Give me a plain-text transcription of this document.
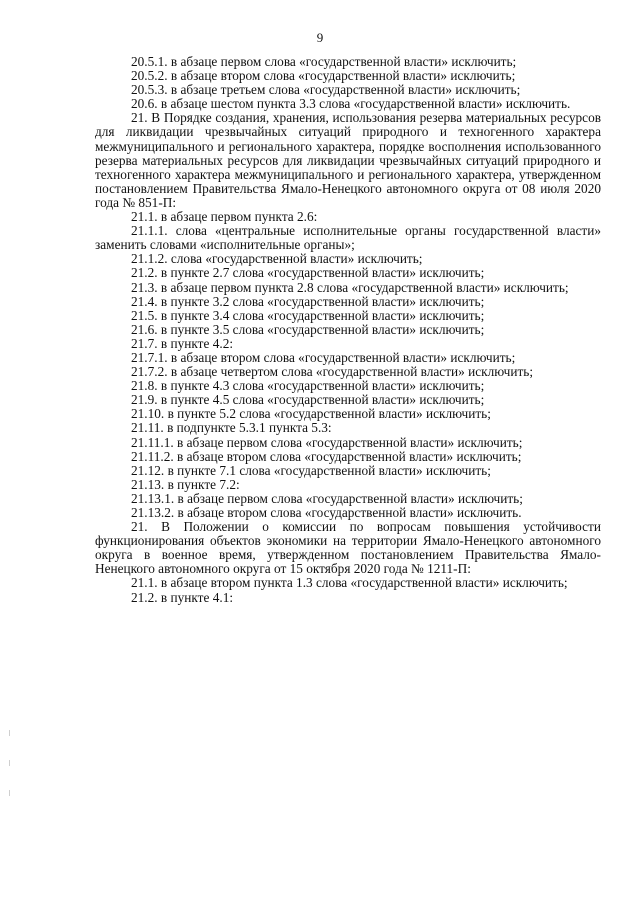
9

20.5.1. в абзаце первом слова «государственной власти» исключить;

20.5.2. в абзаце втором слова «государственной власти» исключить;

20.5.3. в абзаце третьем слова «государственной власти» исключить;

20.6. в абзаце шестом пункта 3.3 слова «государственной власти» исключить.

21. В Порядке создания, хранения, использования резерва материальных ресурсов для ликвидации чрезвычайных ситуаций природного и техногенного характера межмуниципального и регионального характера, порядке восполнения использованного резерва материальных ресурсов для ликвидации чрезвычайных ситуаций природного и техногенного характера межмуниципального и регионального характера, утвержденном постановлением Правительства Ямало-Ненецкого автономного округа от 08 июля 2020 года № 851-П:

21.1. в абзаце первом пункта 2.6:

21.1.1. слова «центральные исполнительные органы государственной власти» заменить словами «исполнительные органы»;

21.1.2. слова «государственной власти» исключить;

21.2. в пункте 2.7 слова «государственной власти» исключить;

21.3. в абзаце первом пункта 2.8 слова «государственной власти» исключить;

21.4. в пункте 3.2 слова «государственной власти» исключить;

21.5. в пункте 3.4 слова «государственной власти» исключить;

21.6. в пункте 3.5 слова «государственной власти» исключить;

21.7. в пункте 4.2:

21.7.1. в абзаце втором слова «государственной власти» исключить;

21.7.2. в абзаце четвертом слова «государственной власти» исключить;

21.8. в пункте 4.3 слова «государственной власти» исключить;

21.9. в пункте 4.5 слова «государственной власти» исключить;

21.10. в пункте 5.2 слова «государственной власти» исключить;

21.11. в подпункте 5.3.1 пункта 5.3:

21.11.1. в абзаце первом слова «государственной власти» исключить;

21.11.2. в абзаце втором слова «государственной власти» исключить;

21.12. в пункте 7.1 слова «государственной власти» исключить;

21.13. в пункте 7.2:

21.13.1. в абзаце первом слова «государственной власти» исключить;

21.13.2. в абзаце втором слова «государственной власти» исключить.

21. В Положении о комиссии по вопросам повышения устойчивости функционирования объектов экономики на территории Ямало-Ненецкого автономного округа в военное время, утвержденном постановлением Правительства Ямало-Ненецкого автономного округа от 15 октября 2020 года № 1211-П:

21.1. в абзаце втором пункта 1.3 слова «государственной власти» исключить;

21.2. в пункте 4.1:
